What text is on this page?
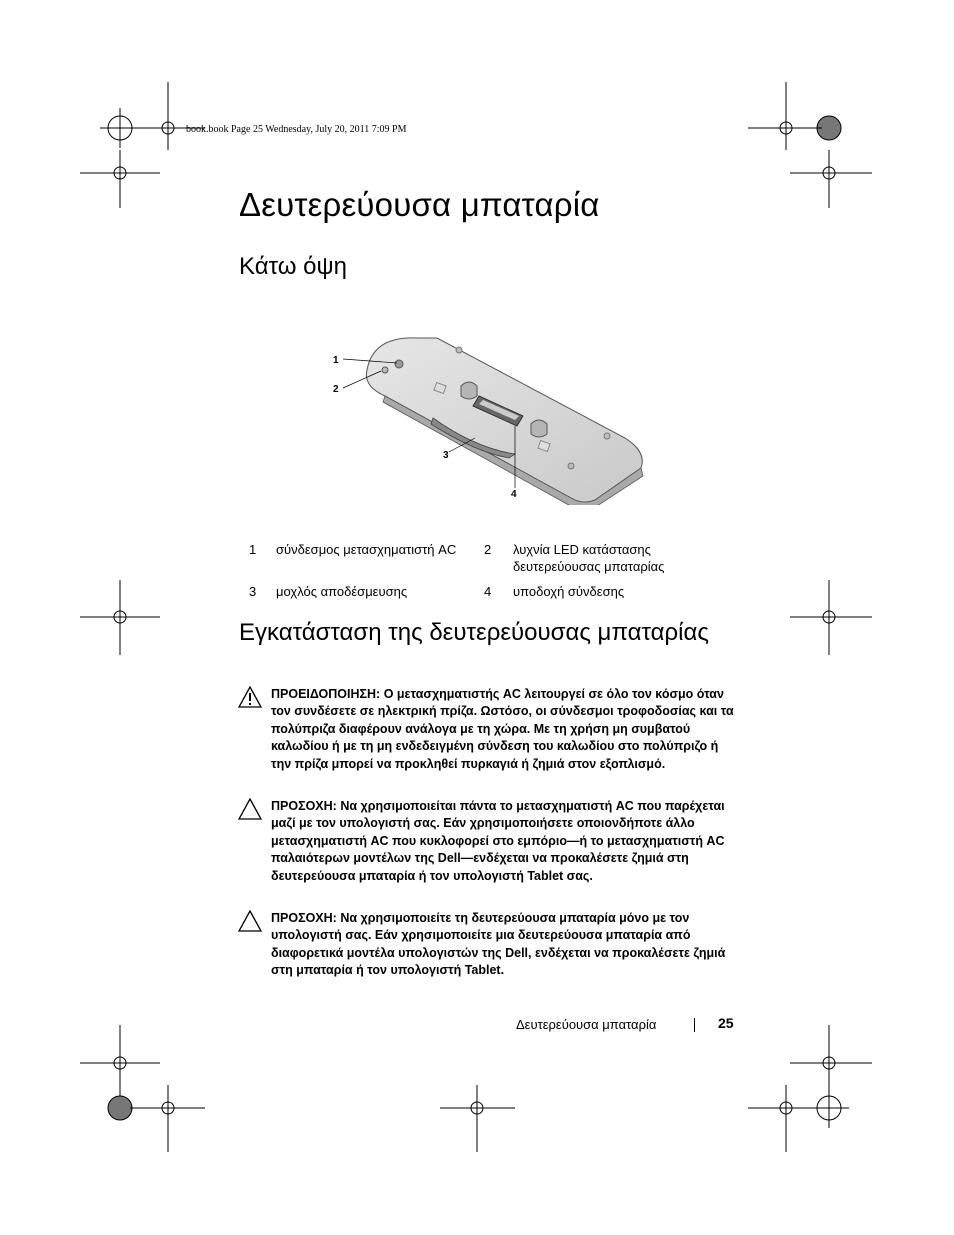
book.book Page 25 Wednesday, July 20, 2011 7:09 PM
Δευτερεύουσα μπαταρία
Κάτω όψη
1
2
3
4
1 σύνδεσμος μετασχηματιστή AC	2 λυχνία LED κατάστασης δευτερεύουσας μπαταρίας
3 μοχλός αποδέσμευσης	4 υποδοχή σύνδεσης
Εγκατάσταση της δευτερεύουσας μπαταρίας
ΠΡΟΕΙΔΟΠΟΙΗΣΗ: Ο μετασχηματιστής AC λειτουργεί σε όλο τον κόσμο όταν τον συνδέσετε σε ηλεκτρική πρίζα. Ωστόσο, οι σύνδεσμοι τροφοδοσίας και τα πολύπριζα διαφέρουν ανάλογα με τη χώρα. Με τη χρήση μη συμβατού καλωδίου ή με τη μη ενδεδειγμένη σύνδεση του καλωδίου στο πολύπριζο ή την πρίζα μπορεί να προκληθεί πυρκαγιά ή ζημιά στον εξοπλισμό.
ΠΡΟΣΟΧΗ: Να χρησιμοποιείται πάντα το μετασχηματιστή AC που παρέχεται μαζί με τον υπολογιστή σας. Εάν χρησιμοποιήσετε οποιονδήποτε άλλο μετασχηματιστή AC που κυκλοφορεί στο εμπόριο—ή το μετασχηματιστή AC παλαιότερων μοντέλων της Dell—ενδέχεται να προκαλέσετε ζημιά στη δευτερεύουσα μπαταρία ή τον υπολογιστή Tablet σας.
ΠΡΟΣΟΧΗ: Να χρησιμοποιείτε τη δευτερεύουσα μπαταρία μόνο με τον υπολογιστή σας. Εάν χρησιμοποιείτε μια δευτερεύουσα μπαταρία από διαφορετικά μοντέλα υπολογιστών της Dell, ενδέχεται να προκαλέσετε ζημιά στη μπαταρία ή τον υπολογιστή Tablet.
Δευτερεύουσα μπαταρία	25
